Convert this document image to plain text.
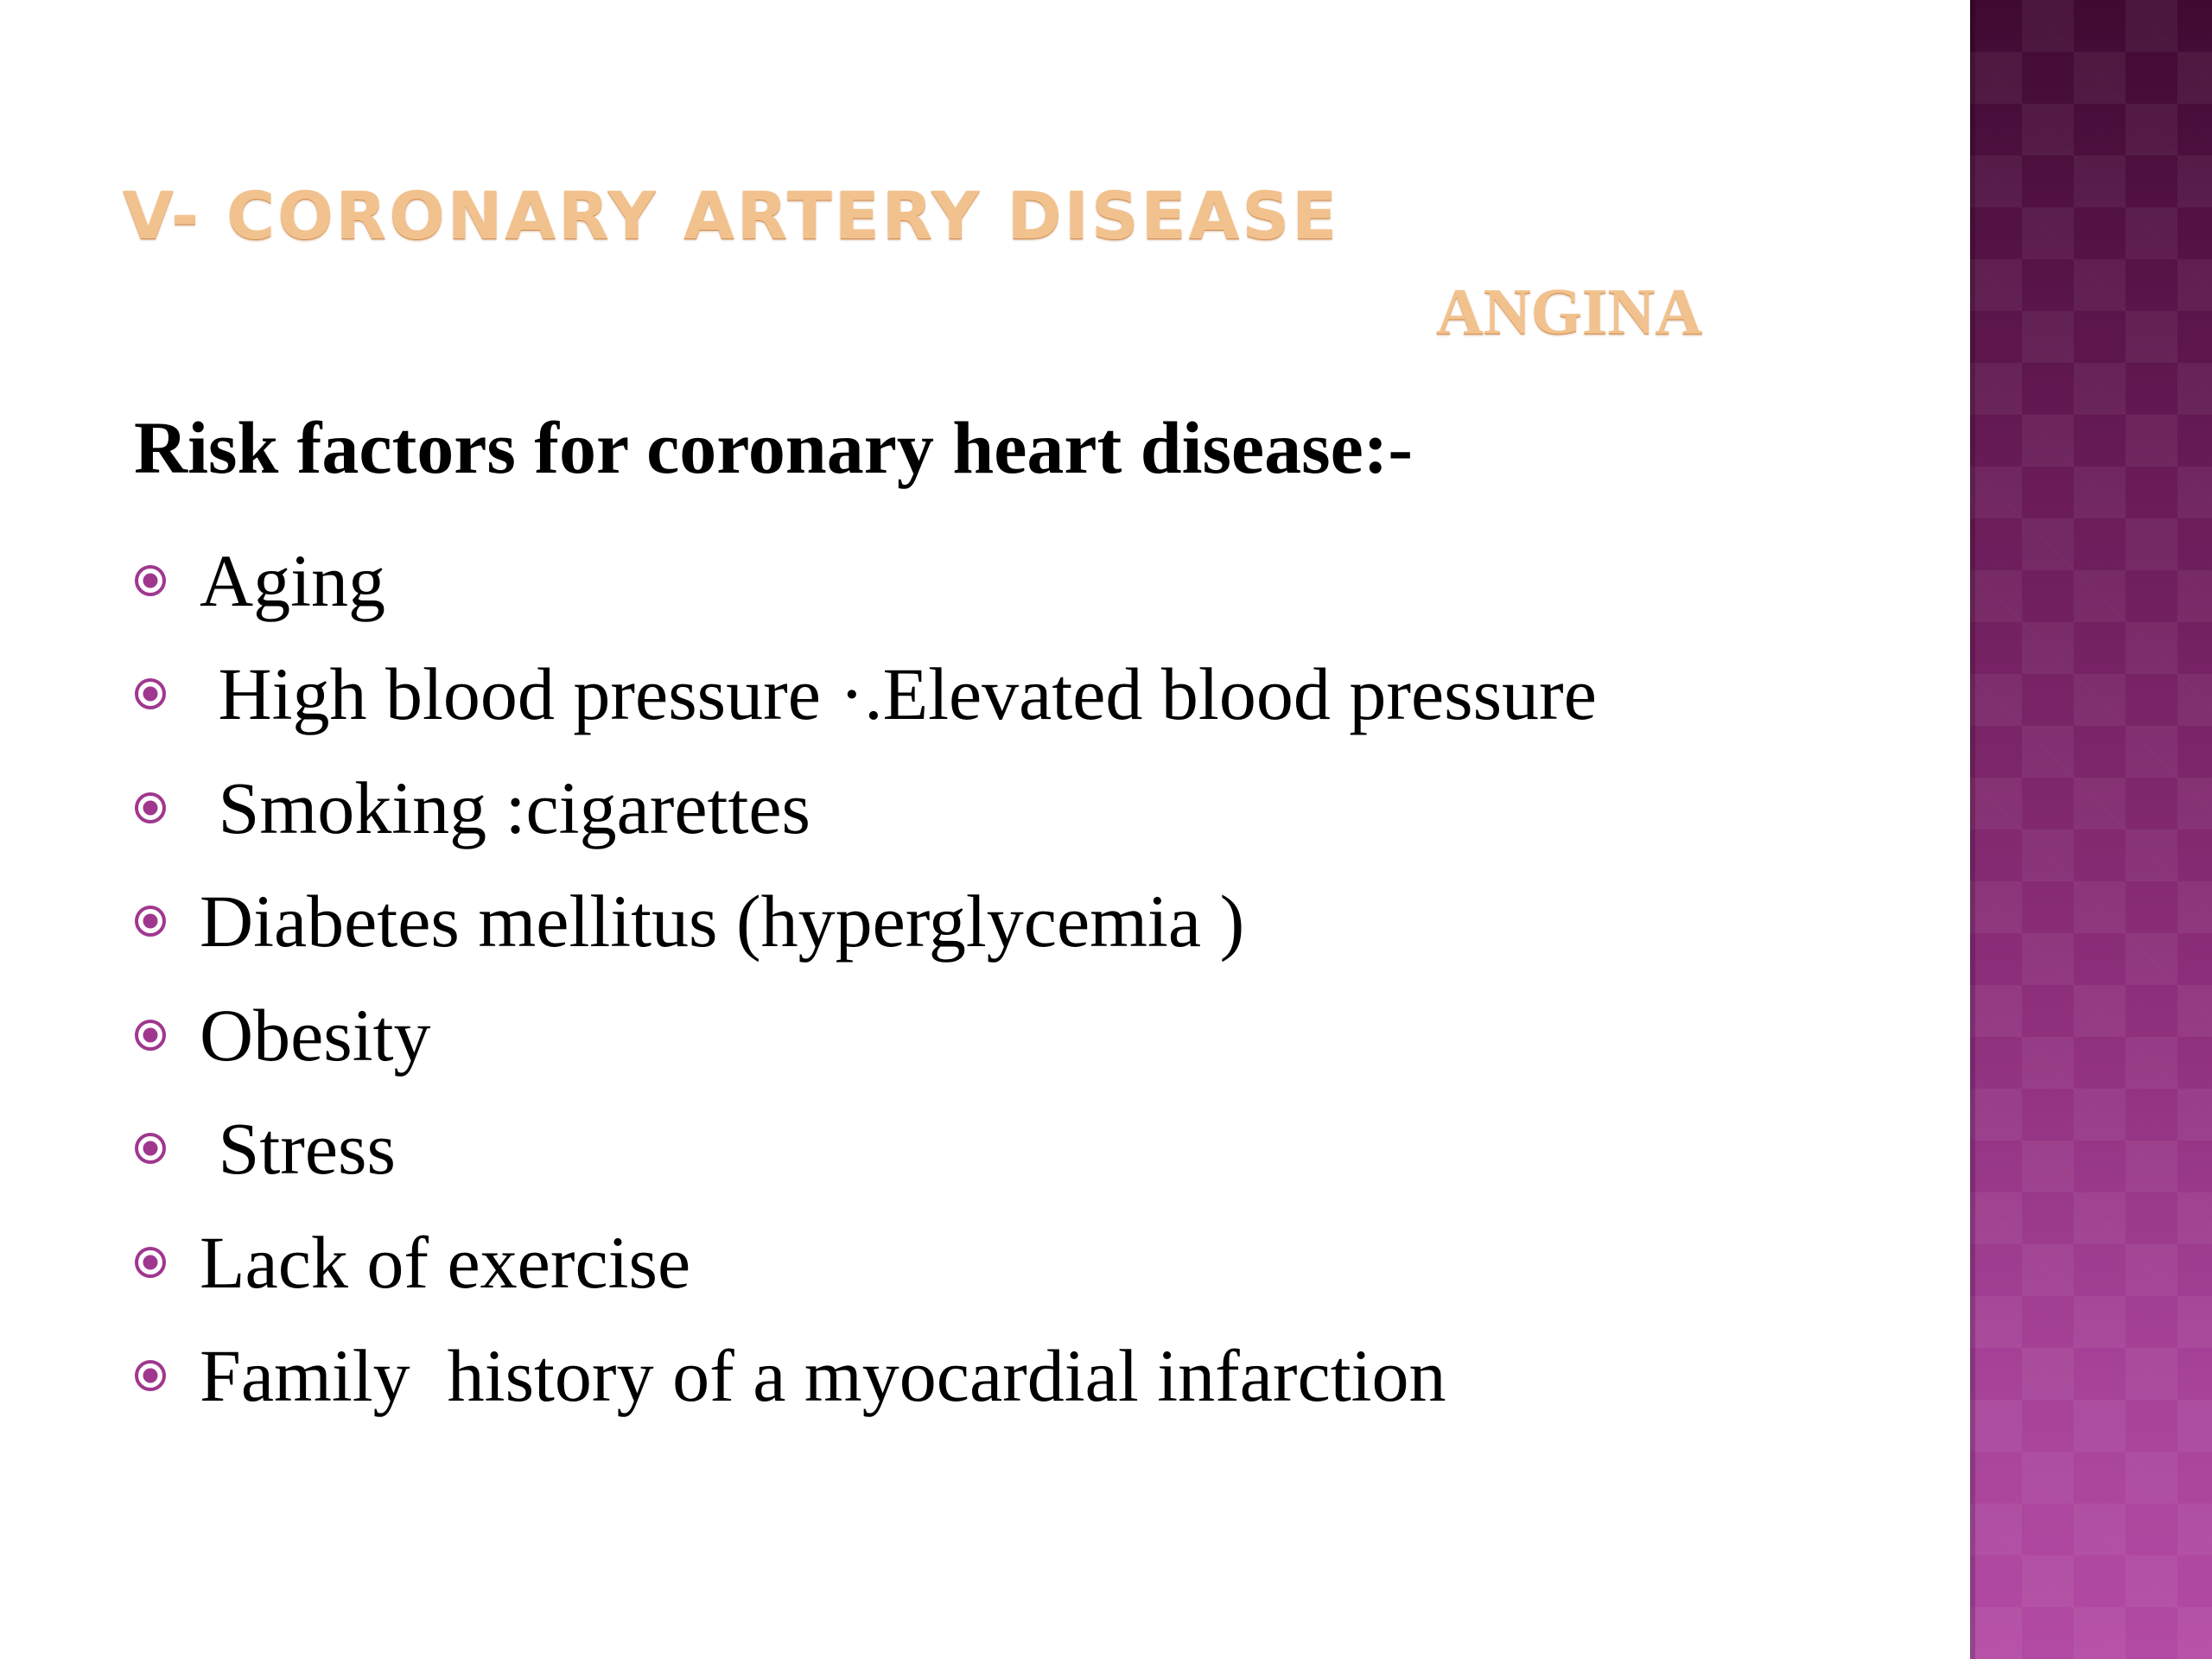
V- CORONARY ARTERY DISEASE
ANGINA

Risk factors for coronary heart disease:-

Aging
High blood pressure ·.Elevated blood pressure
Smoking :cigarettes
Diabetes mellitus (hyperglycemia )
Obesity
Stress
Lack of exercise
Family  history of a myocardial infarction
